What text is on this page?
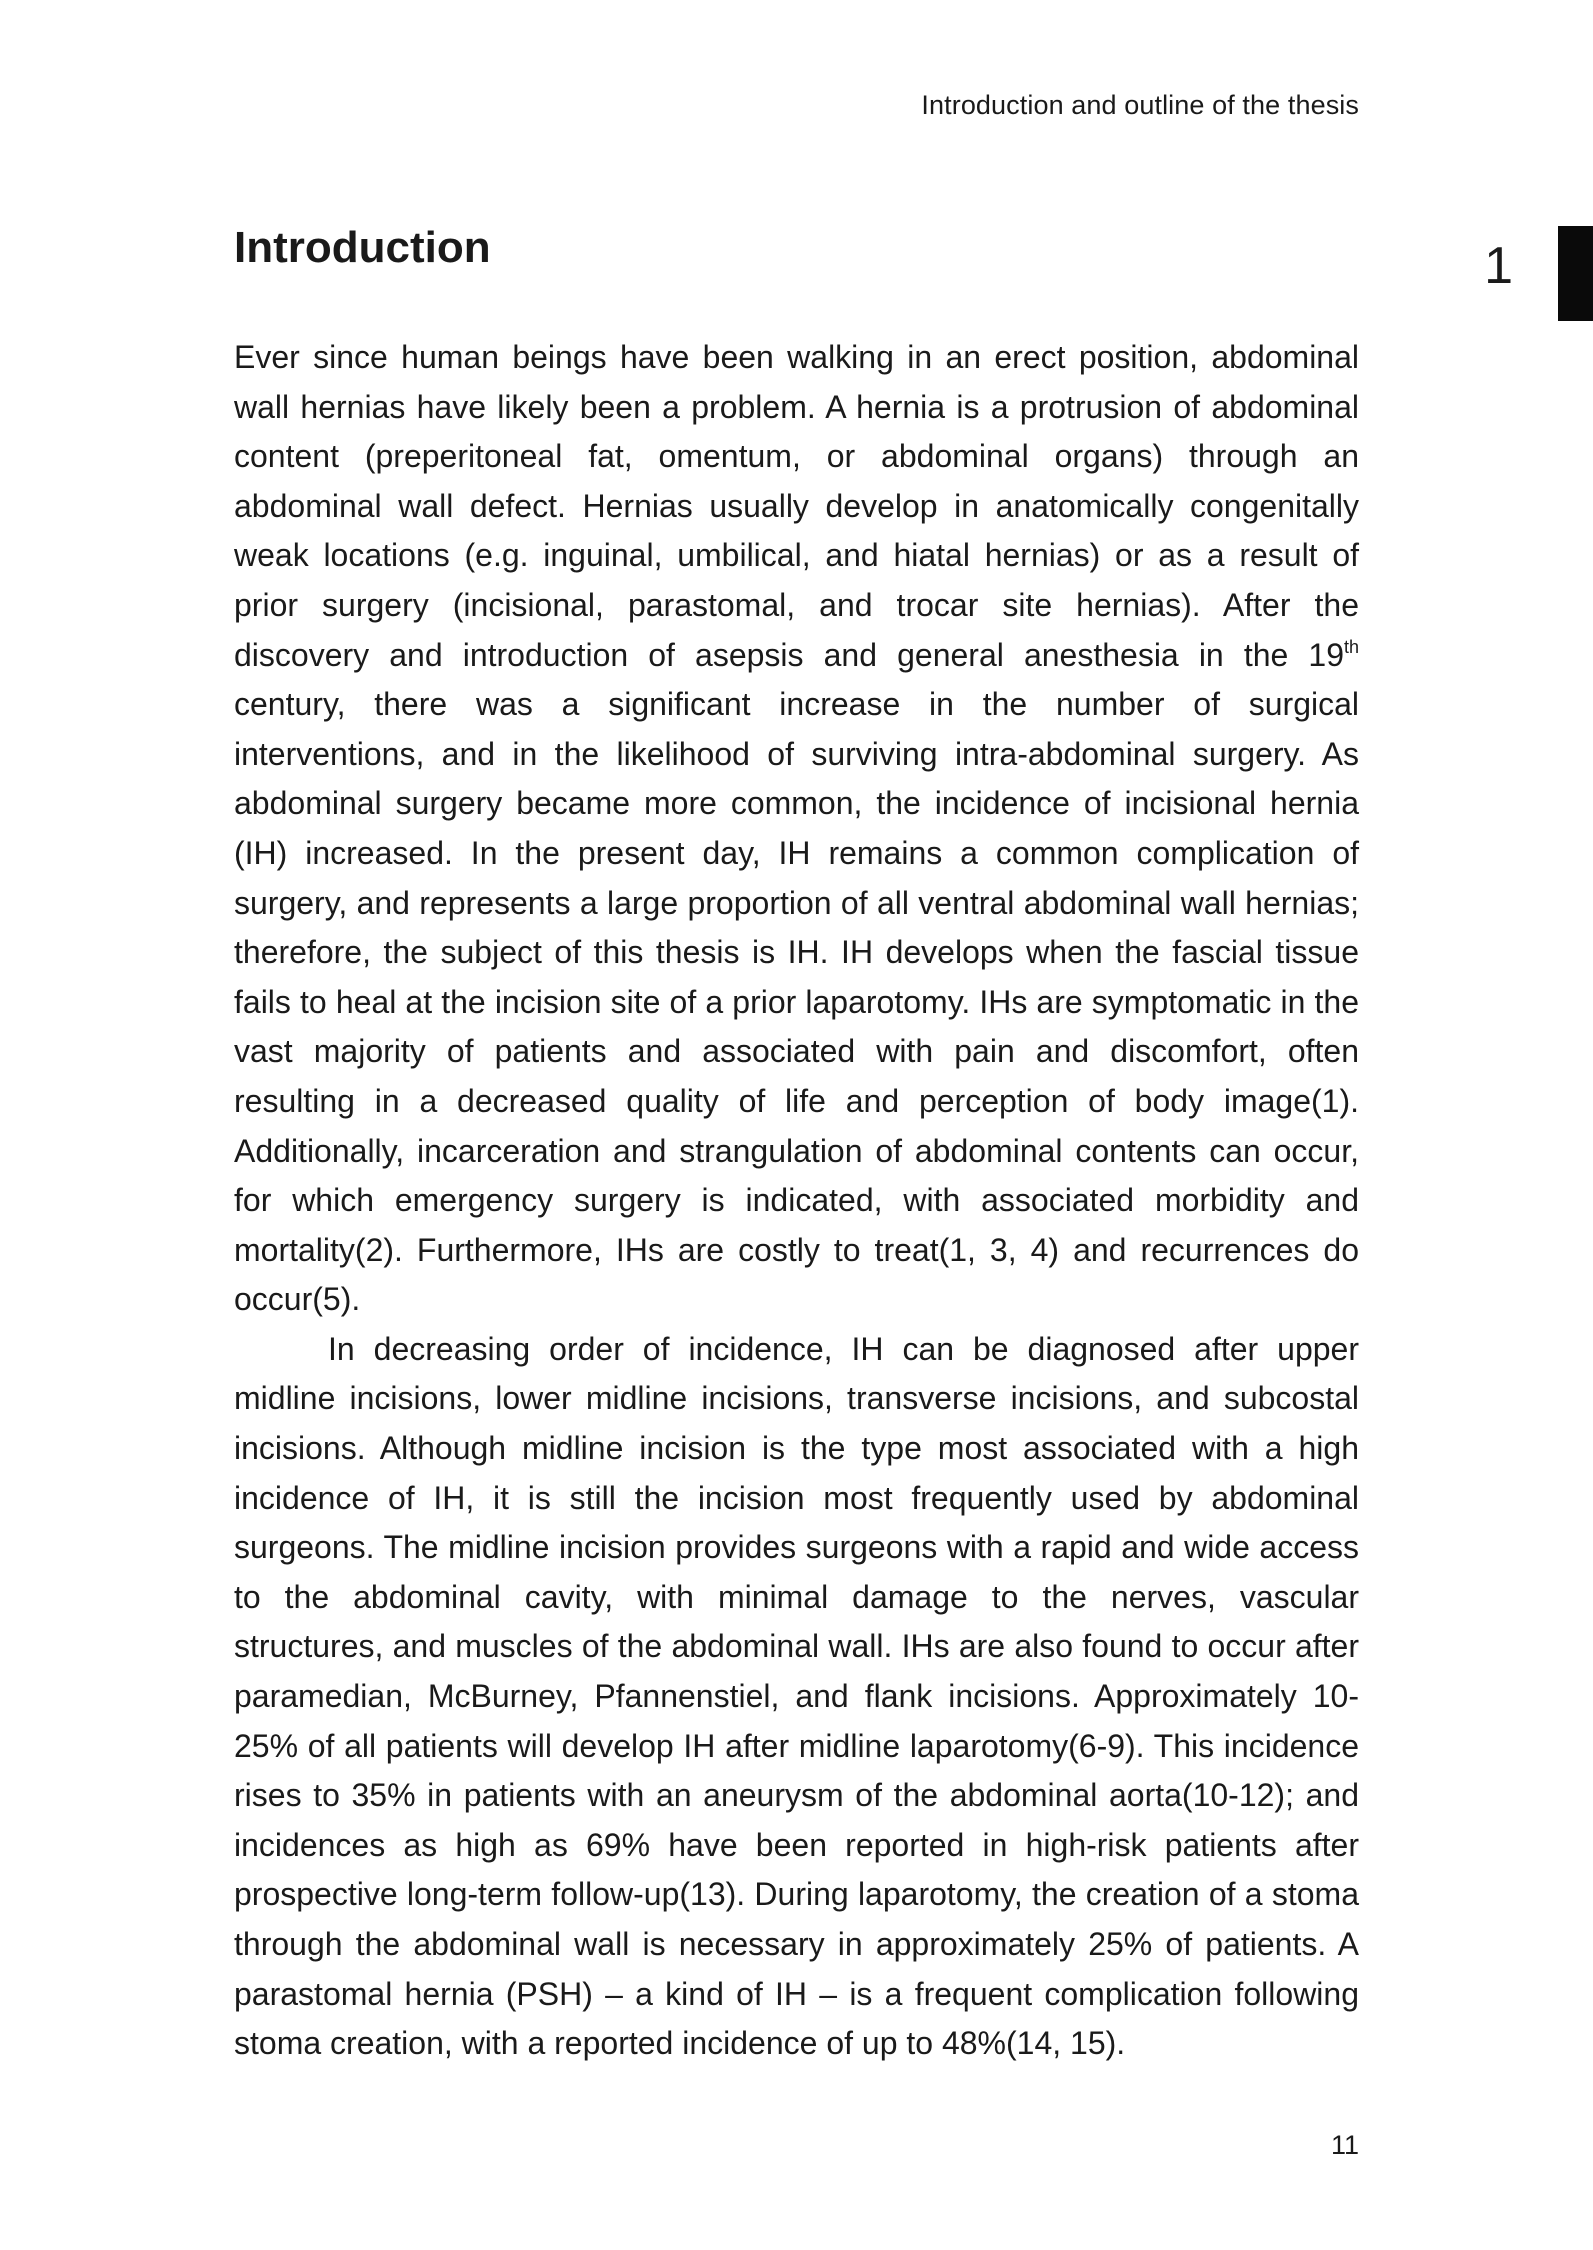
Introduction and outline of the thesis
Introduction	1

Ever since human beings have been walking in an erect position, abdominal wall hernias have likely been a problem. A hernia is a protrusion of abdominal content (preperitoneal fat, omentum, or abdominal organs) through an abdominal wall defect. Hernias usually develop in anatomically congenitally weak locations (e.g. inguinal, umbilical, and hiatal hernias) or as a result of prior surgery (incisional, parastomal, and trocar site hernias). After the discovery and introduction of asepsis and general anesthesia in the 19th century, there was a significant increase in the number of surgical interventions, and in the likelihood of surviving intra-abdominal surgery. As abdominal surgery became more common, the incidence of incisional hernia (IH) increased. In the present day, IH remains a common complication of surgery, and represents a large proportion of all ventral abdominal wall hernias; therefore, the subject of this thesis is IH. IH develops when the fascial tissue fails to heal at the incision site of a prior laparotomy. IHs are symptomatic in the vast majority of patients and associated with pain and discomfort, often resulting in a decreased quality of life and perception of body image(1). Additionally, incarceration and strangulation of abdominal contents can occur, for which emergency surgery is indicated, with associated morbidity and mortality(2). Furthermore, IHs are costly to treat(1, 3, 4) and recurrences do occur(5).

In decreasing order of incidence, IH can be diagnosed after upper midline incisions, lower midline incisions, transverse incisions, and subcostal incisions. Although midline incision is the type most associated with a high incidence of IH, it is still the incision most frequently used by abdominal surgeons. The midline incision provides surgeons with a rapid and wide access to the abdominal cavity, with minimal damage to the nerves, vascular structures, and muscles of the abdominal wall. IHs are also found to occur after paramedian, McBurney, Pfannenstiel, and flank incisions. Approximately 10-25% of all patients will develop IH after midline laparotomy(6-9). This incidence rises to 35% in patients with an aneurysm of the abdominal aorta(10-12); and incidences as high as 69% have been reported in high-risk patients after prospective long-term follow-up(13). During laparotomy, the creation of a stoma through the abdominal wall is necessary in approximately 25% of patients. A parastomal hernia (PSH) – a kind of IH – is a frequent complication following stoma creation, with a reported incidence of up to 48%(14, 15).

11
